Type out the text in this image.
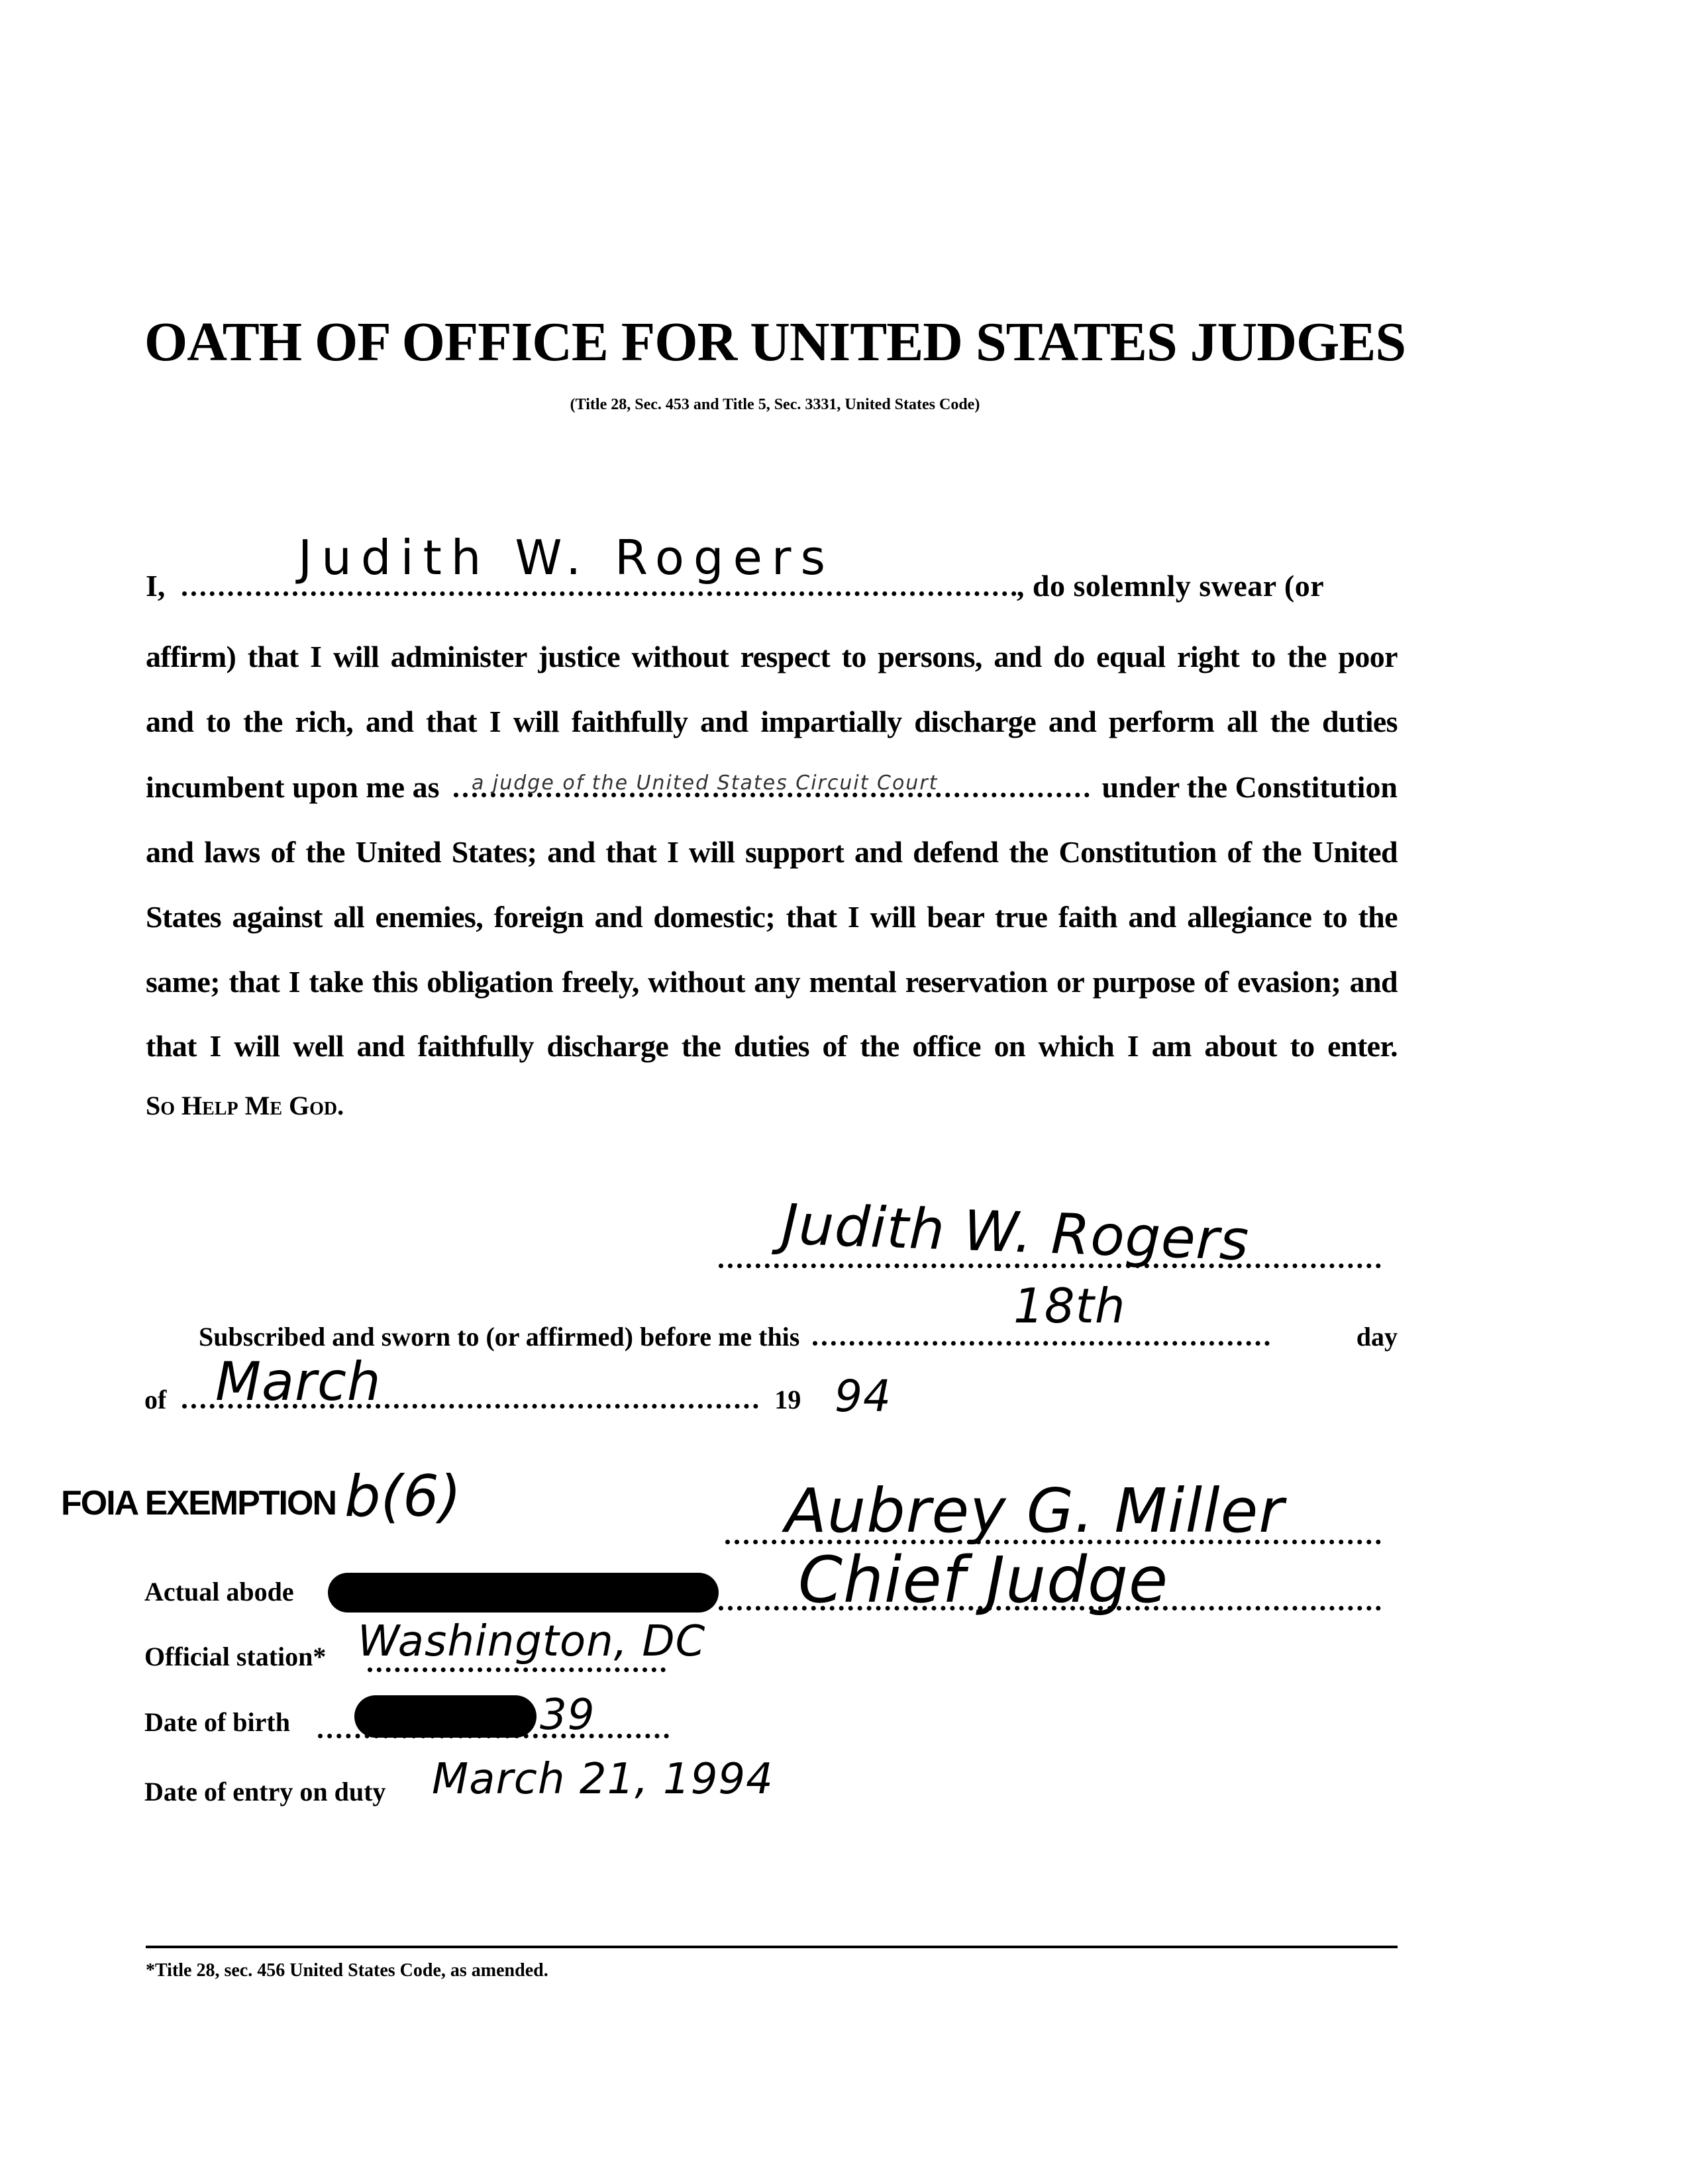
OATH OF OFFICE FOR UNITED STATES JUDGES
(Title 28, Sec. 453 and Title 5, Sec. 3331, United States Code)
I,	, do solemnly swear (or
Judith W. Rogers
affirm) that I will administer justice without respect to persons, and do equal right to the poor
and to the rich, and that I will faithfully and impartially discharge and perform all the duties
incumbent upon me as	under the Constitution
a judge of the United States Circuit Court
and laws of the United States; and that I will support and defend the Constitution of the United
States against all enemies, foreign and domestic; that I will bear true faith and allegiance to the
same; that I take this obligation freely, without any mental reservation or purpose of evasion; and
that I will well and faithfully discharge the duties of the office on which I am about to enter.
So Help Me God.
Judith W. Rogers
Subscribed and sworn to (or affirmed) before me this	day
18th
of	19
March	94
FOIA EXEMPTION b(6)	Aubrey G. Miller
Chief Judge
Actual abode
Official station* Washington, DC
Date of birth	39
Date of entry on duty March 21, 1994
*Title 28, sec. 456 United States Code, as amended.
